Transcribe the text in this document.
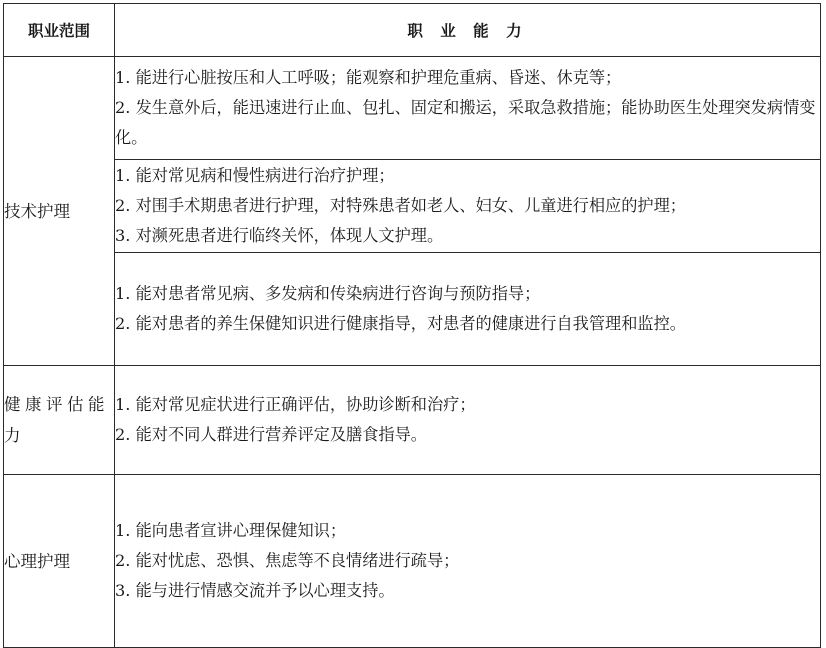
职业范围	职 业 能 力
技术护理	1. 能进行心脏按压和人工呼吸；能观察和护理危重病、昏迷、休克等；
2. 发生意外后，能迅速进行止血、包扎、固定和搬运，采取急救措施；能协助医生处理突发病情变化。

	1. 能对常见病和慢性病进行治疗护理；
2. 对围手术期患者进行护理，对特殊患者如老人、妇女、儿童进行相应的护理；
3. 对濒死患者进行临终关怀，体现人文护理。

	1. 能对患者常见病、多发病和传染病进行咨询与预防指导；
2. 能对患者的养生保健知识进行健康指导，对患者的健康进行自我管理和监控。

健康评估能力	1. 能对常见症状进行正确评估，协助诊断和治疗；
2. 能对不同人群进行营养评定及膳食指导。

心理护理	1. 能向患者宣讲心理保健知识；
2. 能对忧虑、恐惧、焦虑等不良情绪进行疏导；
3. 能与进行情感交流并予以心理支持。
